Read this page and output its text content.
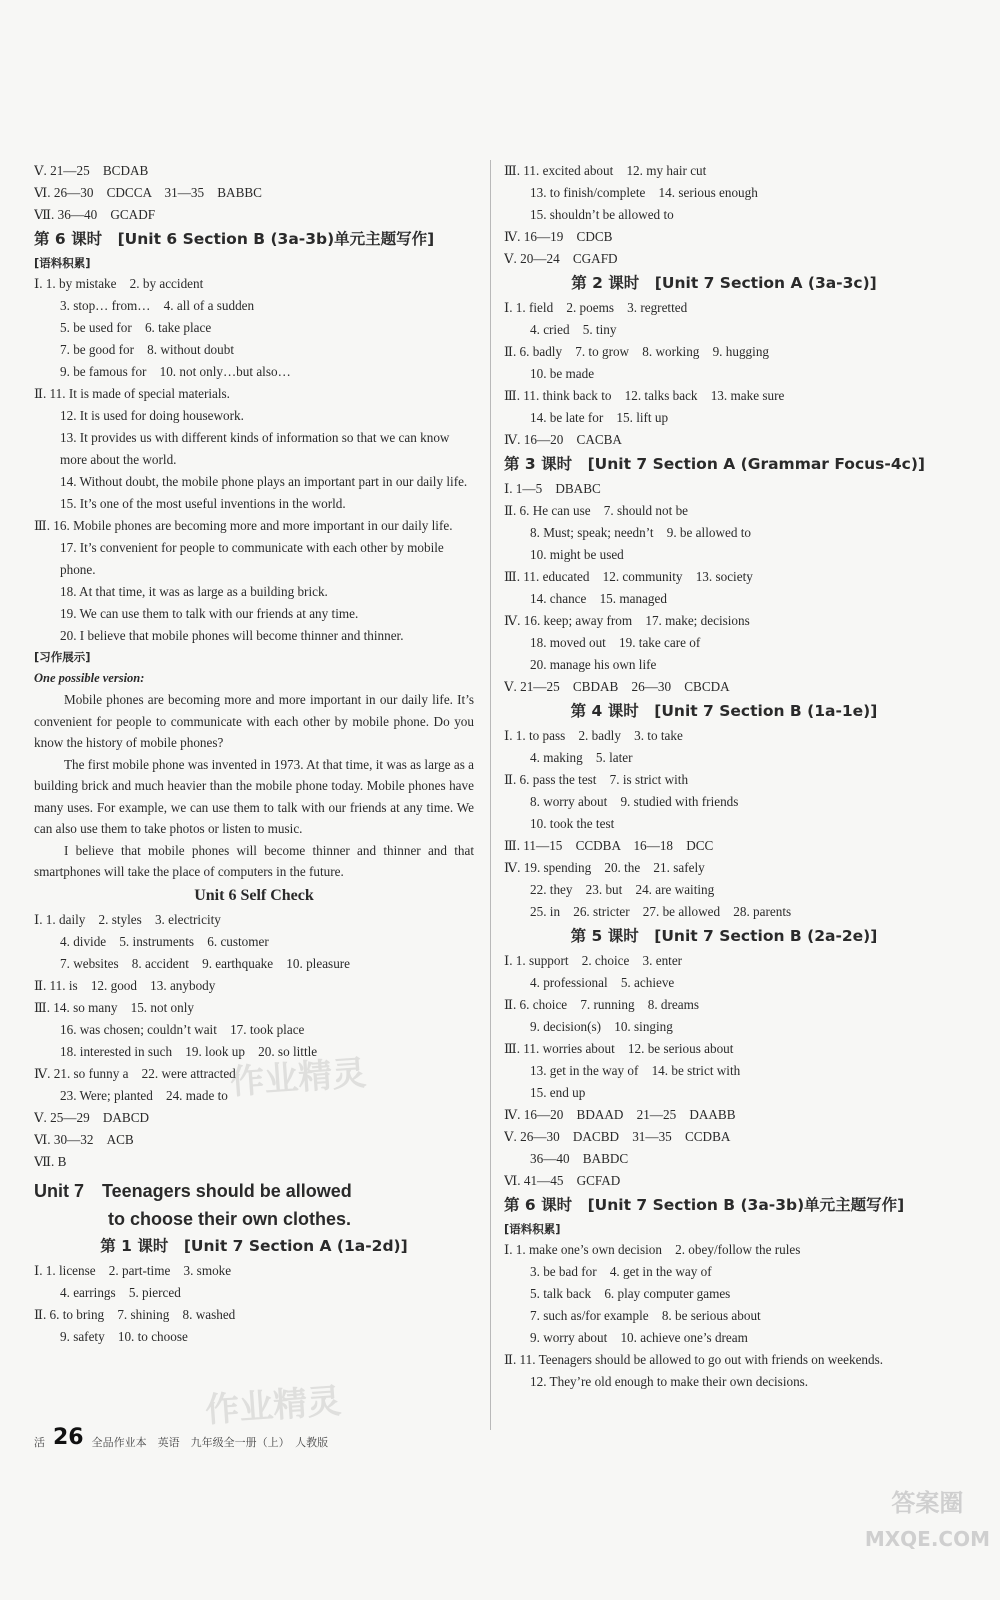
Ⅴ. 21—25　BCDAB
Ⅵ. 26—30　CDCCA　31—35　BABBC
Ⅶ. 36—40　GCADF
第 6 课时　[Unit 6 Section B (3a-3b)单元主题写作]
[语料积累]
Ⅰ. 1. by mistake　2. by accident
3. stop… from…　4. all of a sudden
5. be used for　6. take place
7. be good for　8. without doubt
9. be famous for　10. not only…but also…
Ⅱ. 11. It is made of special materials.
12. It is used for doing housework.
13. It provides us with different kinds of information so that we can know more about the world.
14. Without doubt, the mobile phone plays an important part in our daily life.
15. It’s one of the most useful inventions in the world.
Ⅲ. 16. Mobile phones are becoming more and more important in our daily life.
17. It’s convenient for people to communicate with each other by mobile phone.
18. At that time, it was as large as a building brick.
19. We can use them to talk with our friends at any time.
20. I believe that mobile phones will become thinner and thinner.
[习作展示]
One possible version:
Mobile phones are becoming more and more important in our daily life. It’s convenient for people to communicate with each other by mobile phone. Do you know the history of mobile phones?
The first mobile phone was invented in 1973. At that time, it was as large as a building brick and much heavier than the mobile phone today. Mobile phones have many uses. For example, we can use them to talk with our friends at any time. We can also use them to take photos or listen to music.
I believe that mobile phones will become thinner and thinner and that smartphones will take the place of computers in the future.
Unit 6 Self Check
Ⅰ. 1. daily　2. styles　3. electricity
4. divide　5. instruments　6. customer
7. websites　8. accident　9. earthquake　10. pleasure
Ⅱ. 11. is　12. good　13. anybody
Ⅲ. 14. so many　15. not only
16. was chosen; couldn’t wait　17. took place
18. interested in such　19. look up　20. so little
Ⅳ. 21. so funny a　22. were attracted
23. Were; planted　24. made to
Ⅴ. 25—29　DABCD
Ⅵ. 30—32　ACB
Ⅶ. B
Unit 7　Teenagers should be allowed
to choose their own clothes.
第 1 课时　[Unit 7 Section A (1a-2d)]
Ⅰ. 1. license　2. part-time　3. smoke
4. earrings　5. pierced
Ⅱ. 6. to bring　7. shining　8. washed
9. safety　10. to choose
Ⅲ. 11. excited about　12. my hair cut
13. to finish/complete　14. serious enough
15. shouldn’t be allowed to
Ⅳ. 16—19　CDCB
Ⅴ. 20—24　CGAFD
第 2 课时　[Unit 7 Section A (3a-3c)]
Ⅰ. 1. field　2. poems　3. regretted
4. cried　5. tiny
Ⅱ. 6. badly　7. to grow　8. working　9. hugging
10. be made
Ⅲ. 11. think back to　12. talks back　13. make sure
14. be late for　15. lift up
Ⅳ. 16—20　CACBA
第 3 课时　[Unit 7 Section A (Grammar Focus-4c)]
Ⅰ. 1—5　DBABC
Ⅱ. 6. He can use　7. should not be
8. Must; speak; needn’t　9. be allowed to
10. might be used
Ⅲ. 11. educated　12. community　13. society
14. chance　15. managed
Ⅳ. 16. keep; away from　17. make; decisions
18. moved out　19. take care of
20. manage his own life
Ⅴ. 21—25　CBDAB　26—30　CBCDA
第 4 课时　[Unit 7 Section B (1a-1e)]
Ⅰ. 1. to pass　2. badly　3. to take
4. making　5. later
Ⅱ. 6. pass the test　7. is strict with
8. worry about　9. studied with friends
10. took the test
Ⅲ. 11—15　CCDBA　16—18　DCC
Ⅳ. 19. spending　20. the　21. safely
22. they　23. but　24. are waiting
25. in　26. stricter　27. be allowed　28. parents
第 5 课时　[Unit 7 Section B (2a-2e)]
Ⅰ. 1. support　2. choice　3. enter
4. professional　5. achieve
Ⅱ. 6. choice　7. running　8. dreams
9. decision(s)　10. singing
Ⅲ. 11. worries about　12. be serious about
13. get in the way of　14. be strict with
15. end up
Ⅳ. 16—20　BDAAD　21—25　DAABB
Ⅴ. 26—30　DACBD　31—35　CCDBA
36—40　BABDC
Ⅵ. 41—45　GCFAD
第 6 课时　[Unit 7 Section B (3a-3b)单元主题写作]
[语料积累]
Ⅰ. 1. make one’s own decision　2. obey/follow the rules
3. be bad for　4. get in the way of
5. talk back　6. play computer games
7. such as/for example　8. be serious about
9. worry about　10. achieve one’s dream
Ⅱ. 11. Teenagers should be allowed to go out with friends on weekends.
12. They’re old enough to make their own decisions.
作业精灵
作业精灵
活 26 全品作业本　英语　九年级全一册（上）　人教版
答案圈
MXQE.COM
